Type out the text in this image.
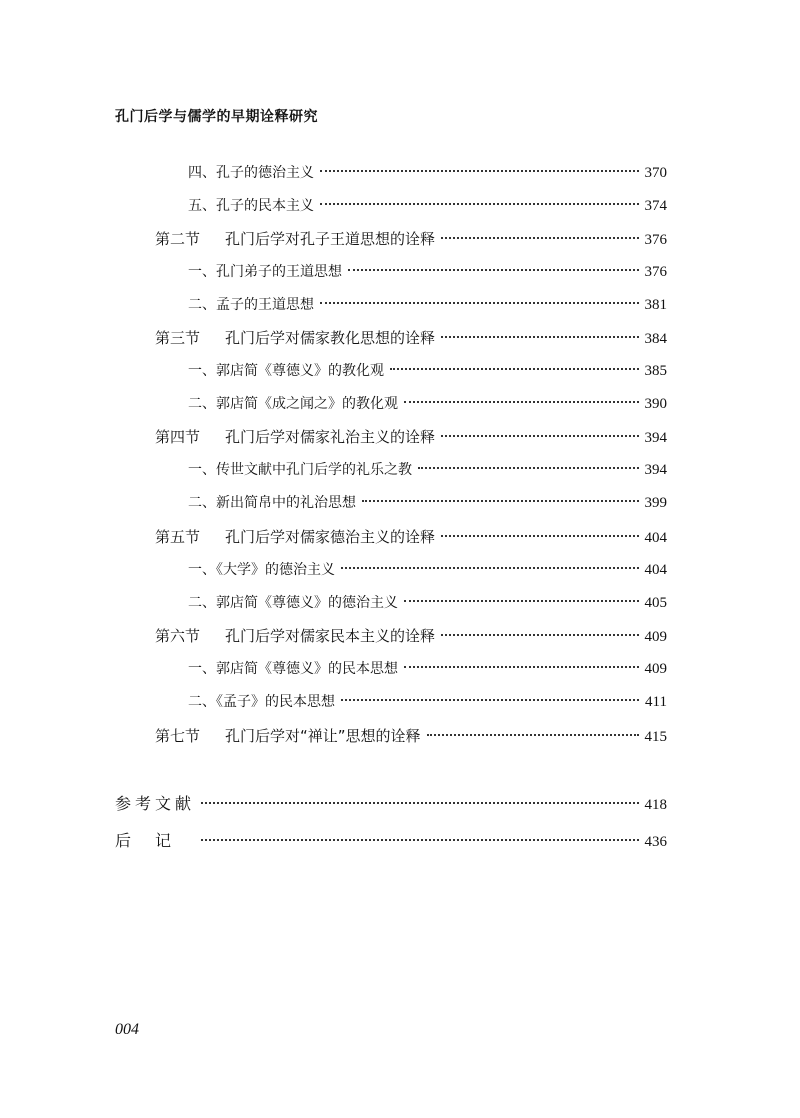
孔门后学与儒学的早期诠释研究
四、孔子的德治主义	370
五、孔子的民本主义	374
第二节	孔门后学对孔子王道思想的诠释	376
一、孔门弟子的王道思想	376
二、孟子的王道思想	381
第三节	孔门后学对儒家教化思想的诠释	384
一、郭店简《尊德义》的教化观	385
二、郭店简《成之闻之》的教化观	390
第四节	孔门后学对儒家礼治主义的诠释	394
一、传世文献中孔门后学的礼乐之教	394
二、新出简帛中的礼治思想	399
第五节	孔门后学对儒家德治主义的诠释	404
一、《大学》的德治主义	404
二、郭店简《尊德义》的德治主义	405
第六节	孔门后学对儒家民本主义的诠释	409
一、郭店简《尊德义》的民本思想	409
二、《孟子》的民本思想	411
第七节	孔门后学对“禅让”思想的诠释	415
参考文献	418
后记	436
004
